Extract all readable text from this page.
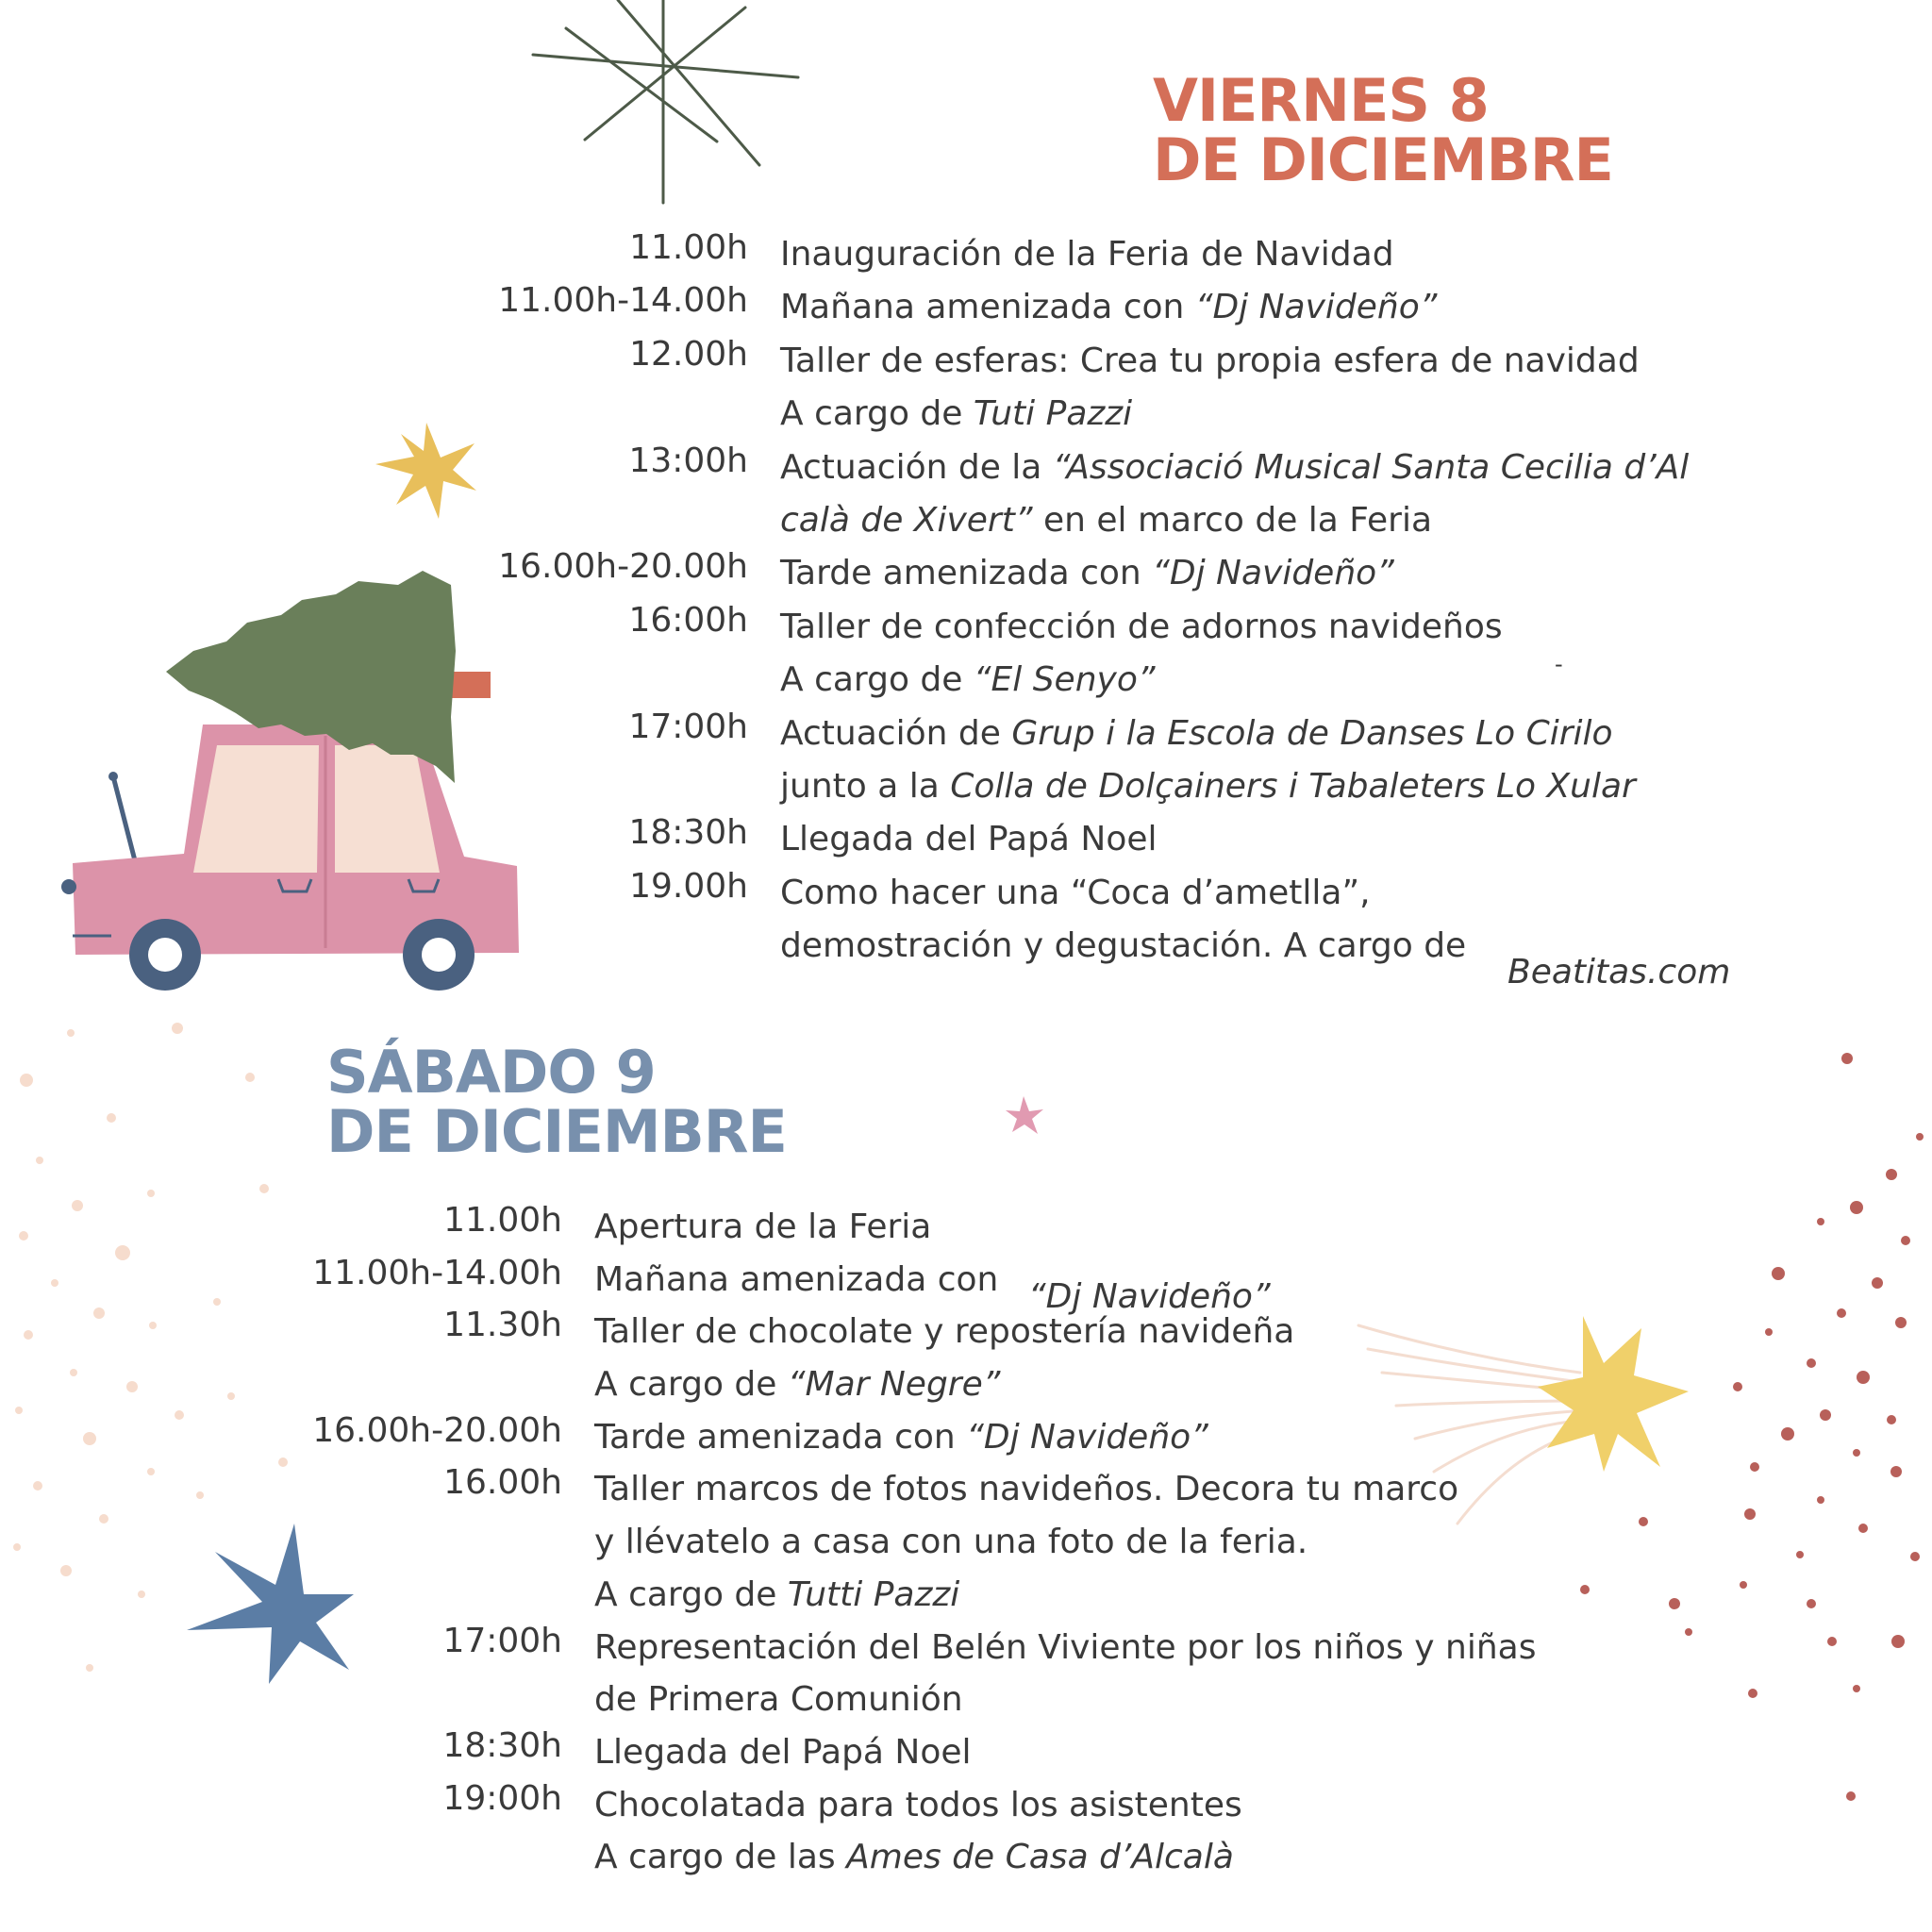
VIERNES 8
DE DICIEMBRE
11.00h Inauguración de la Feria de Navidad
11.00h-14.00h Mañana amenizada con “Dj Navideño”
12.00h Taller de esferas: Crea tu propia esfera de navidad
A cargo de Tuti Pazzi
13:00h Actuación de la “Associació Musical Santa Cecilia d’Al
calà de Xivert” en el marco de la Feria
16.00h-20.00h Tarde amenizada con “Dj Navideño”
16:00h Taller de confección de adornos navideños
A cargo de “El Senyo”
17:00h Actuación de Grup i la Escola de Danses Lo Cirilo
junto a la Colla de Dolçainers i Tabaleters Lo Xular
18:30h Llegada del Papá Noel
19.00h Como hacer una “Coca d’ametlla”,
demostración y degustación. A cargo de
Beatitas.com
-
SÁBADO 9
DE DICIEMBRE
11.00h Apertura de la Feria
11.00h-14.00h Mañana amenizada con
11.30h Taller de chocolate y repostería navideña
A cargo de “Mar Negre”
16.00h-20.00h Tarde amenizada con “Dj Navideño”
16.00h Taller marcos de fotos navideños. Decora tu marco
y llévatelo a casa con una foto de la feria.
A cargo de Tutti Pazzi
17:00h Representación del Belén Viviente por los niños y niñas
de Primera Comunión
18:30h Llegada del Papá Noel
19:00h Chocolatada para todos los asistentes
A cargo de las Ames de Casa d’Alcalà
“Dj Navideño”
